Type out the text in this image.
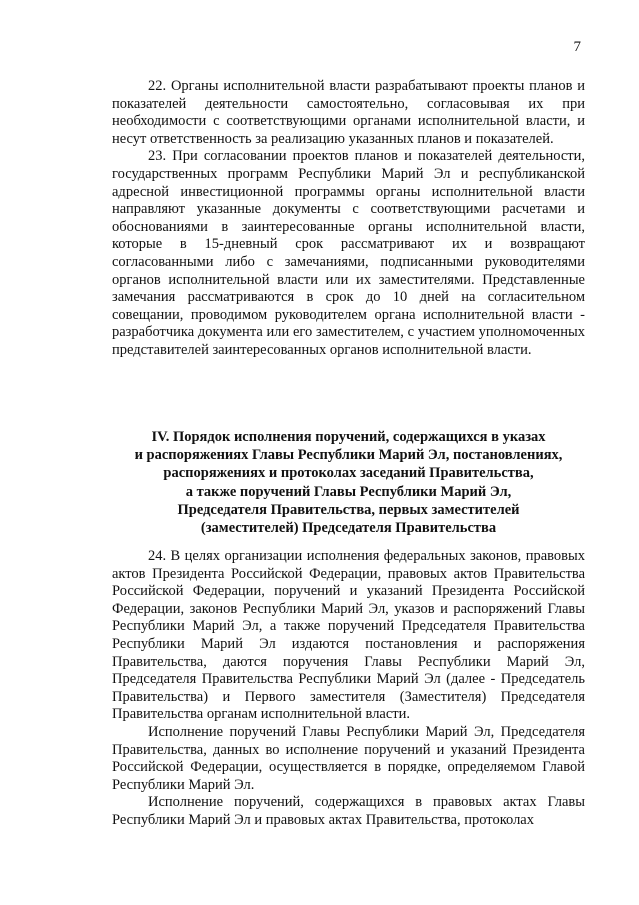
7

22. Органы исполнительной власти разрабатывают проекты планов и показателей деятельности самостоятельно, согласовывая их при необходимости с соответствующими органами исполнительной власти, и несут ответственность за реализацию указанных планов и показателей.

23. При согласовании проектов планов и показателей деятельности, государственных программ Республики Марий Эл и республиканской адресной инвестиционной программы органы исполнительной власти направляют указанные документы с соответствующими расчетами и обоснованиями в заинтересованные органы исполнительной власти, которые в 15-дневный срок рассматривают их и возвращают согласованными либо с замечаниями, подписанными руководителями органов исполнительной власти или их заместителями. Представленные замечания рассматриваются в срок до 10 дней на согласительном совещании, проводимом руководителем органа исполнительной власти - разработчика документа или его заместителем, с участием уполномоченных представителей заинтересованных органов исполнительной власти.

IV. Порядок исполнения поручений, содержащихся в указах
и распоряжениях Главы Республики Марий Эл, постановлениях,
распоряжениях и протоколах заседаний Правительства,
а также поручений Главы Республики Марий Эл,
Председателя Правительства, первых заместителей
(заместителей) Председателя Правительства

24. В целях организации исполнения федеральных законов, правовых актов Президента Российской Федерации, правовых актов Правительства Российской Федерации, поручений и указаний Президента Российской Федерации, законов Республики Марий Эл, указов и распоряжений Главы Республики Марий Эл, а также поручений Председателя Правительства Республики Марий Эл издаются постановления и распоряжения Правительства, даются поручения Главы Республики Марий Эл, Председателя Правительства Республики Марий Эл (далее - Председатель Правительства) и Первого заместителя (Заместителя) Председателя Правительства органам исполнительной власти.

Исполнение поручений Главы Республики Марий Эл, Председателя Правительства, данных во исполнение поручений и указаний Президента Российской Федерации, осуществляется в порядке, определяемом Главой Республики Марий Эл.

Исполнение поручений, содержащихся в правовых актах Главы Республики Марий Эл и правовых актах Правительства, протоколах
